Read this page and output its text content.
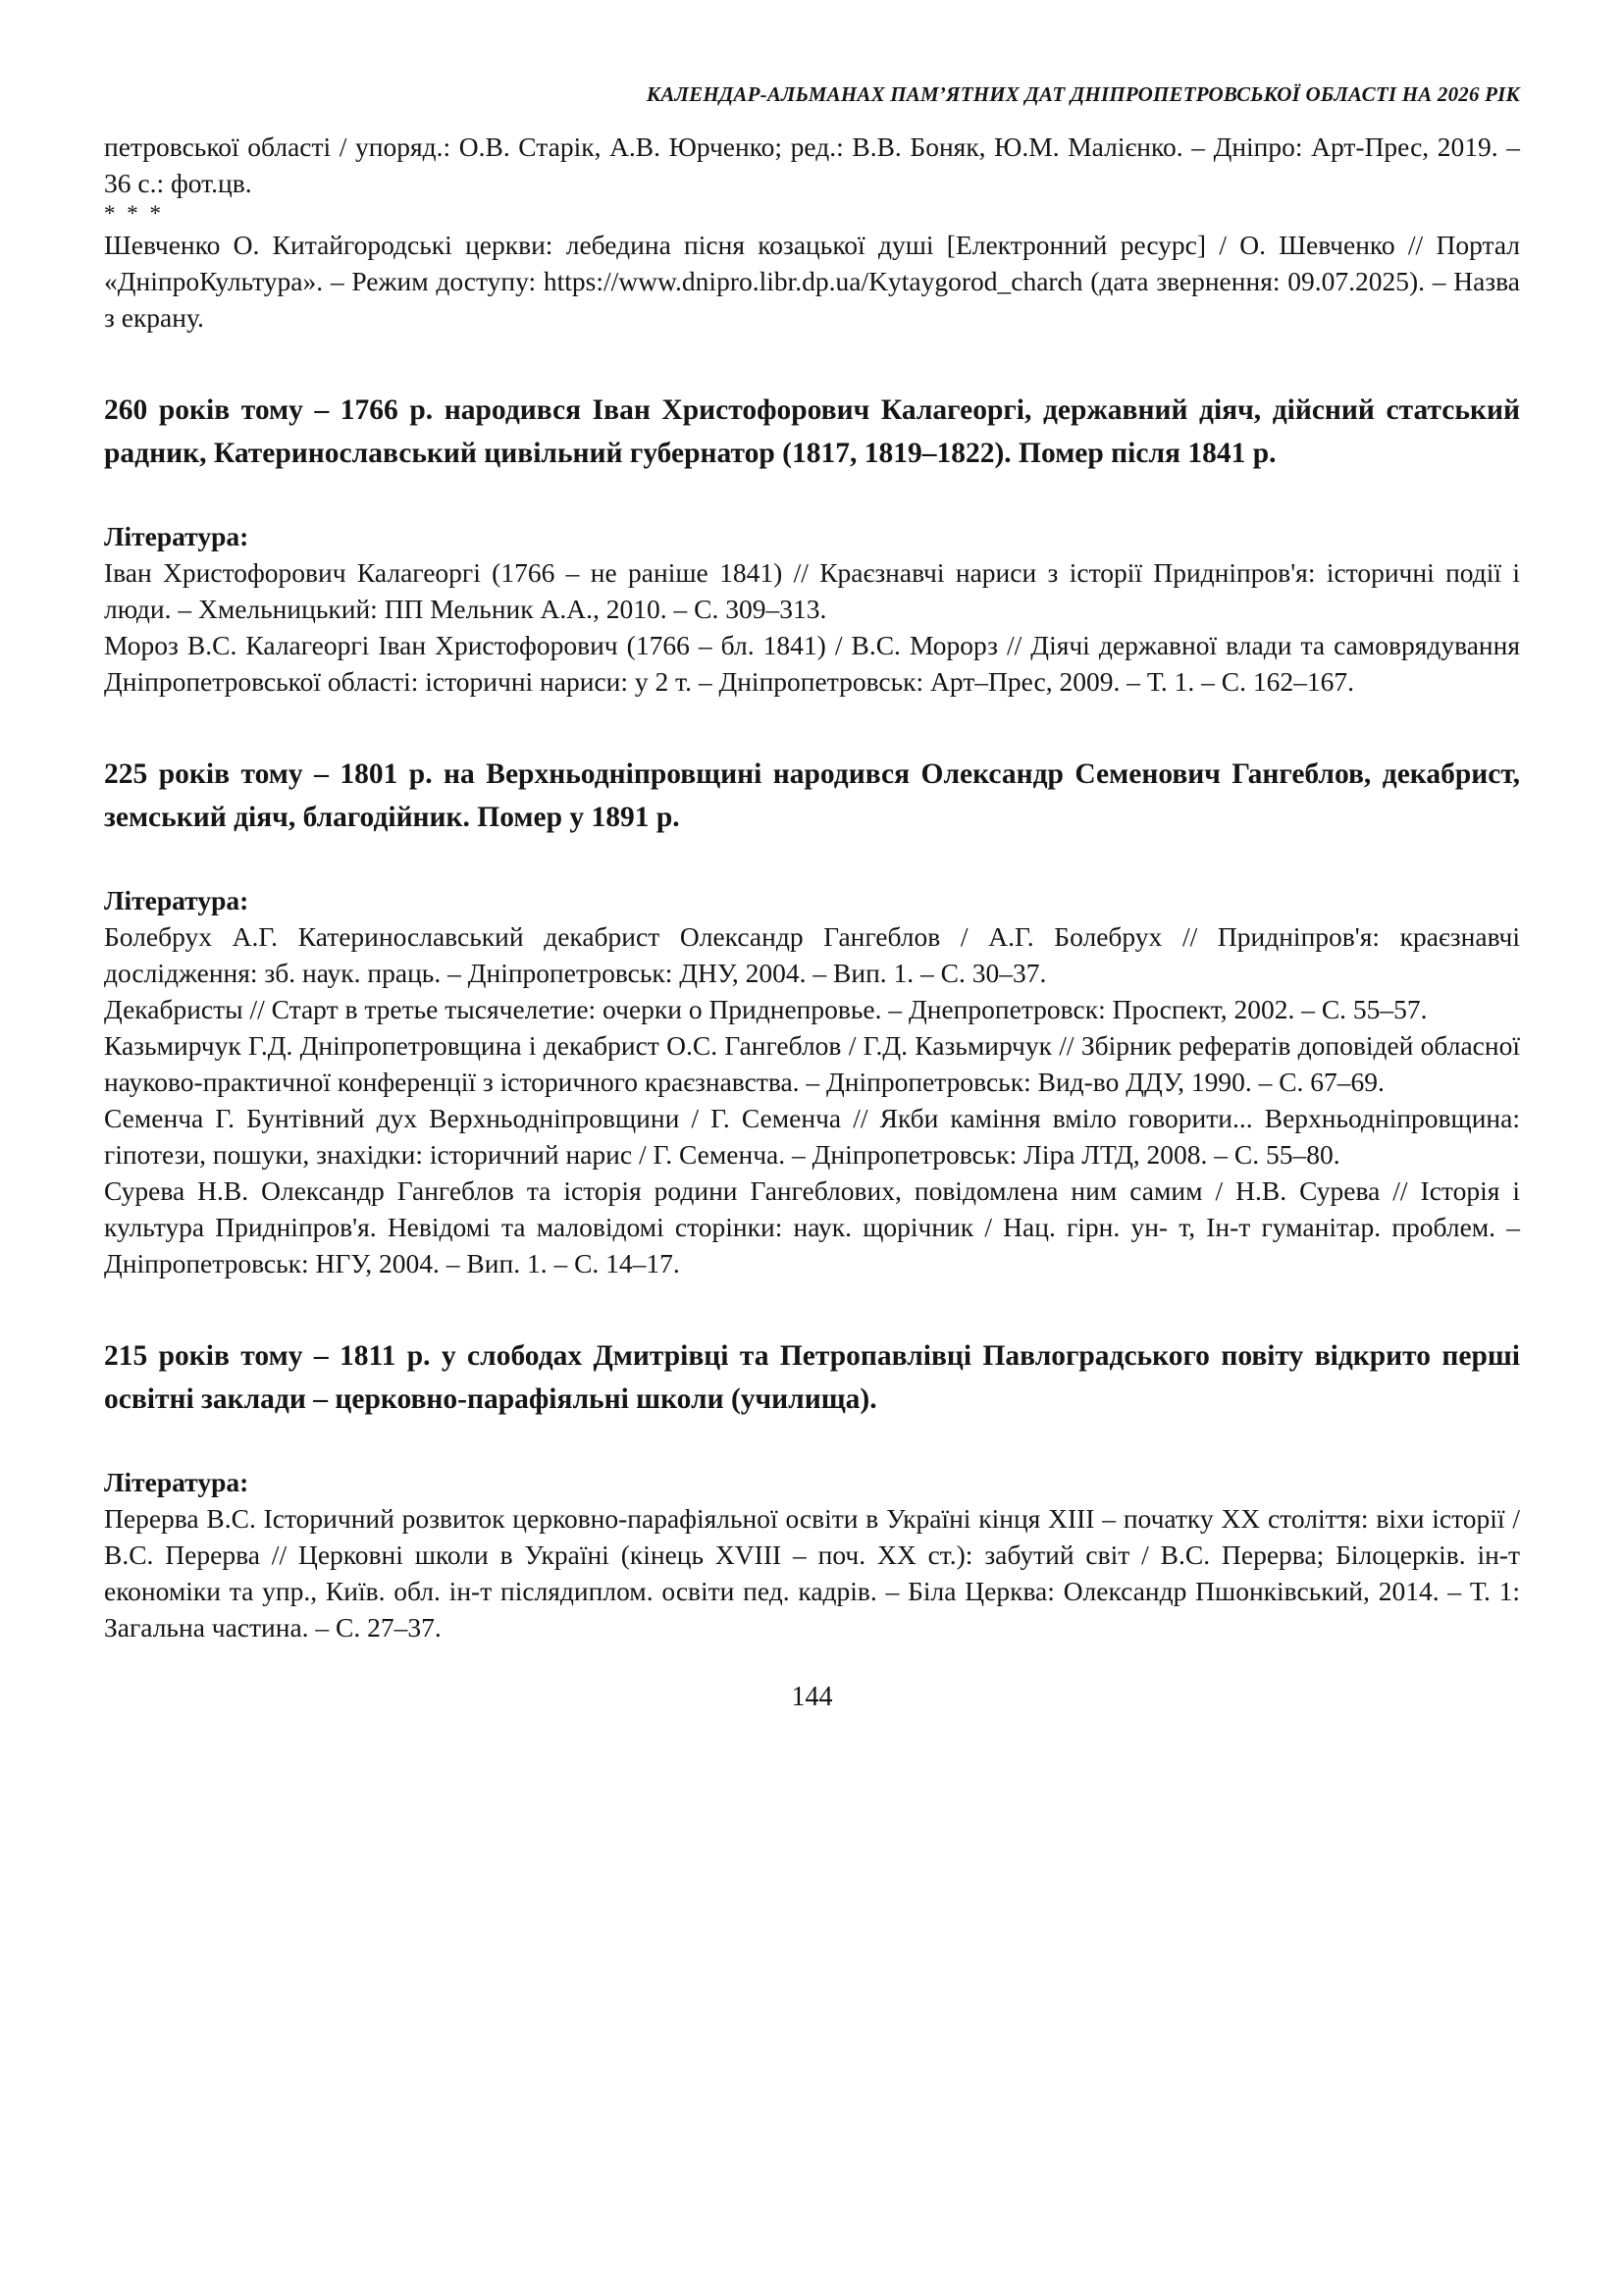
КАЛЕНДАР-АЛЬМАНАХ ПАМ’ЯТНИХ ДАТ ДНІПРОПЕТРОВСЬКОЇ ОБЛАСТІ НА 2026 РІК

петровської області / упоряд.: О.В. Старік, А.В. Юрченко; ред.: В.В. Боняк, Ю.М. Малієнко. – Дніпро: Арт-Прес, 2019. – 36 с.: фот.цв.

* * *

Шевченко О. Китайгородські церкви: лебедина пісня козацької душі [Електронний ресурс] / О. Шевченко // Портал «ДніпроКультура». – Режим доступу: https://www.dnipro.libr.dp.ua/Kytaygorod_charch (дата звернення: 09.07.2025). – Назва з екрану.

260 років тому – 1766 р. народився Іван Христофорович Калагеоргі, державний діяч, дійсний статський радник, Катеринославський цивільний губернатор (1817, 1819–1822). Помер після 1841 р.

Література:

Іван Христофорович Калагеоргі (1766 – не раніше 1841) // Краєзнавчі нариси з історії Придніпров'я: історичні події і люди. – Хмельницький: ПП Мельник А.А., 2010. – С. 309–313.

Мороз В.С. Калагеоргі Іван Христофорович (1766 – бл. 1841) / В.С. Морорз // Діячі державної влади та самоврядування Дніпропетровської області: історичні нариси: у 2 т. – Дніпропетровськ: Арт–Прес, 2009. – Т. 1. – С. 162–167.

225 років тому – 1801 р. на Верхньодніпровщині народився Олександр Семенович Гангеблов, декабрист, земський діяч, благодійник. Помер у 1891 р.

Література:

Болебрух А.Г. Катеринославський декабрист Олександр Гангеблов / А.Г. Болебрух // Придніпров'я: краєзнавчі дослідження: зб. наук. праць. – Дніпропетровськ: ДНУ, 2004. – Вип. 1. – С. 30–37.

Декабристы // Старт в третье тысячелетие: очерки о Приднепровье. – Днепропетровск: Проспект, 2002. – С. 55–57.

Казьмирчук Г.Д. Дніпропетровщина і декабрист О.С. Гангеблов / Г.Д. Казьмирчук // Збірник рефератів доповідей обласної науково-практичної конференції з історичного краєзнавства. – Дніпропетровськ: Вид-во ДДУ, 1990. – С. 67–69.

Семенча Г. Бунтівний дух Верхньодніпровщини / Г. Семенча // Якби каміння вміло говорити... Верхньодніпровщина: гіпотези, пошуки, знахідки: історичний нарис / Г. Семенча. – Дніпропетровськ: Ліра ЛТД, 2008. – С. 55–80.

Сурева Н.В. Олександр Гангеблов та історія родини Гангеблових, повідомлена ним самим / Н.В. Сурева // Історія і культура Придніпров'я. Невідомі та маловідомі сторінки: наук. щорічник / Нац. гірн. ун- т, Ін-т гуманітар. проблем. – Дніпропетровськ: НГУ, 2004. – Вип. 1. – С. 14–17.

215 років тому – 1811 р. у слободах Дмитрівці та Петропавлівці Павлоградського повіту відкрито перші освітні заклади – церковно-парафіяльні школи (училища).

Література:

Перерва В.С. Історичний розвиток церковно-парафіяльної освіти в Україні кінця XIII – початку XX століття: віхи історії / В.С. Перерва // Церковні школи в Україні (кінець XVIII – поч. XX ст.): забутий світ / В.С. Перерва; Білоцерків. ін-т економіки та упр., Київ. обл. ін-т післядиплом. освіти пед. кадрів. – Біла Церква: Олександр Пшонківський, 2014. – Т. 1: Загальна частина. – С. 27–37.

144
